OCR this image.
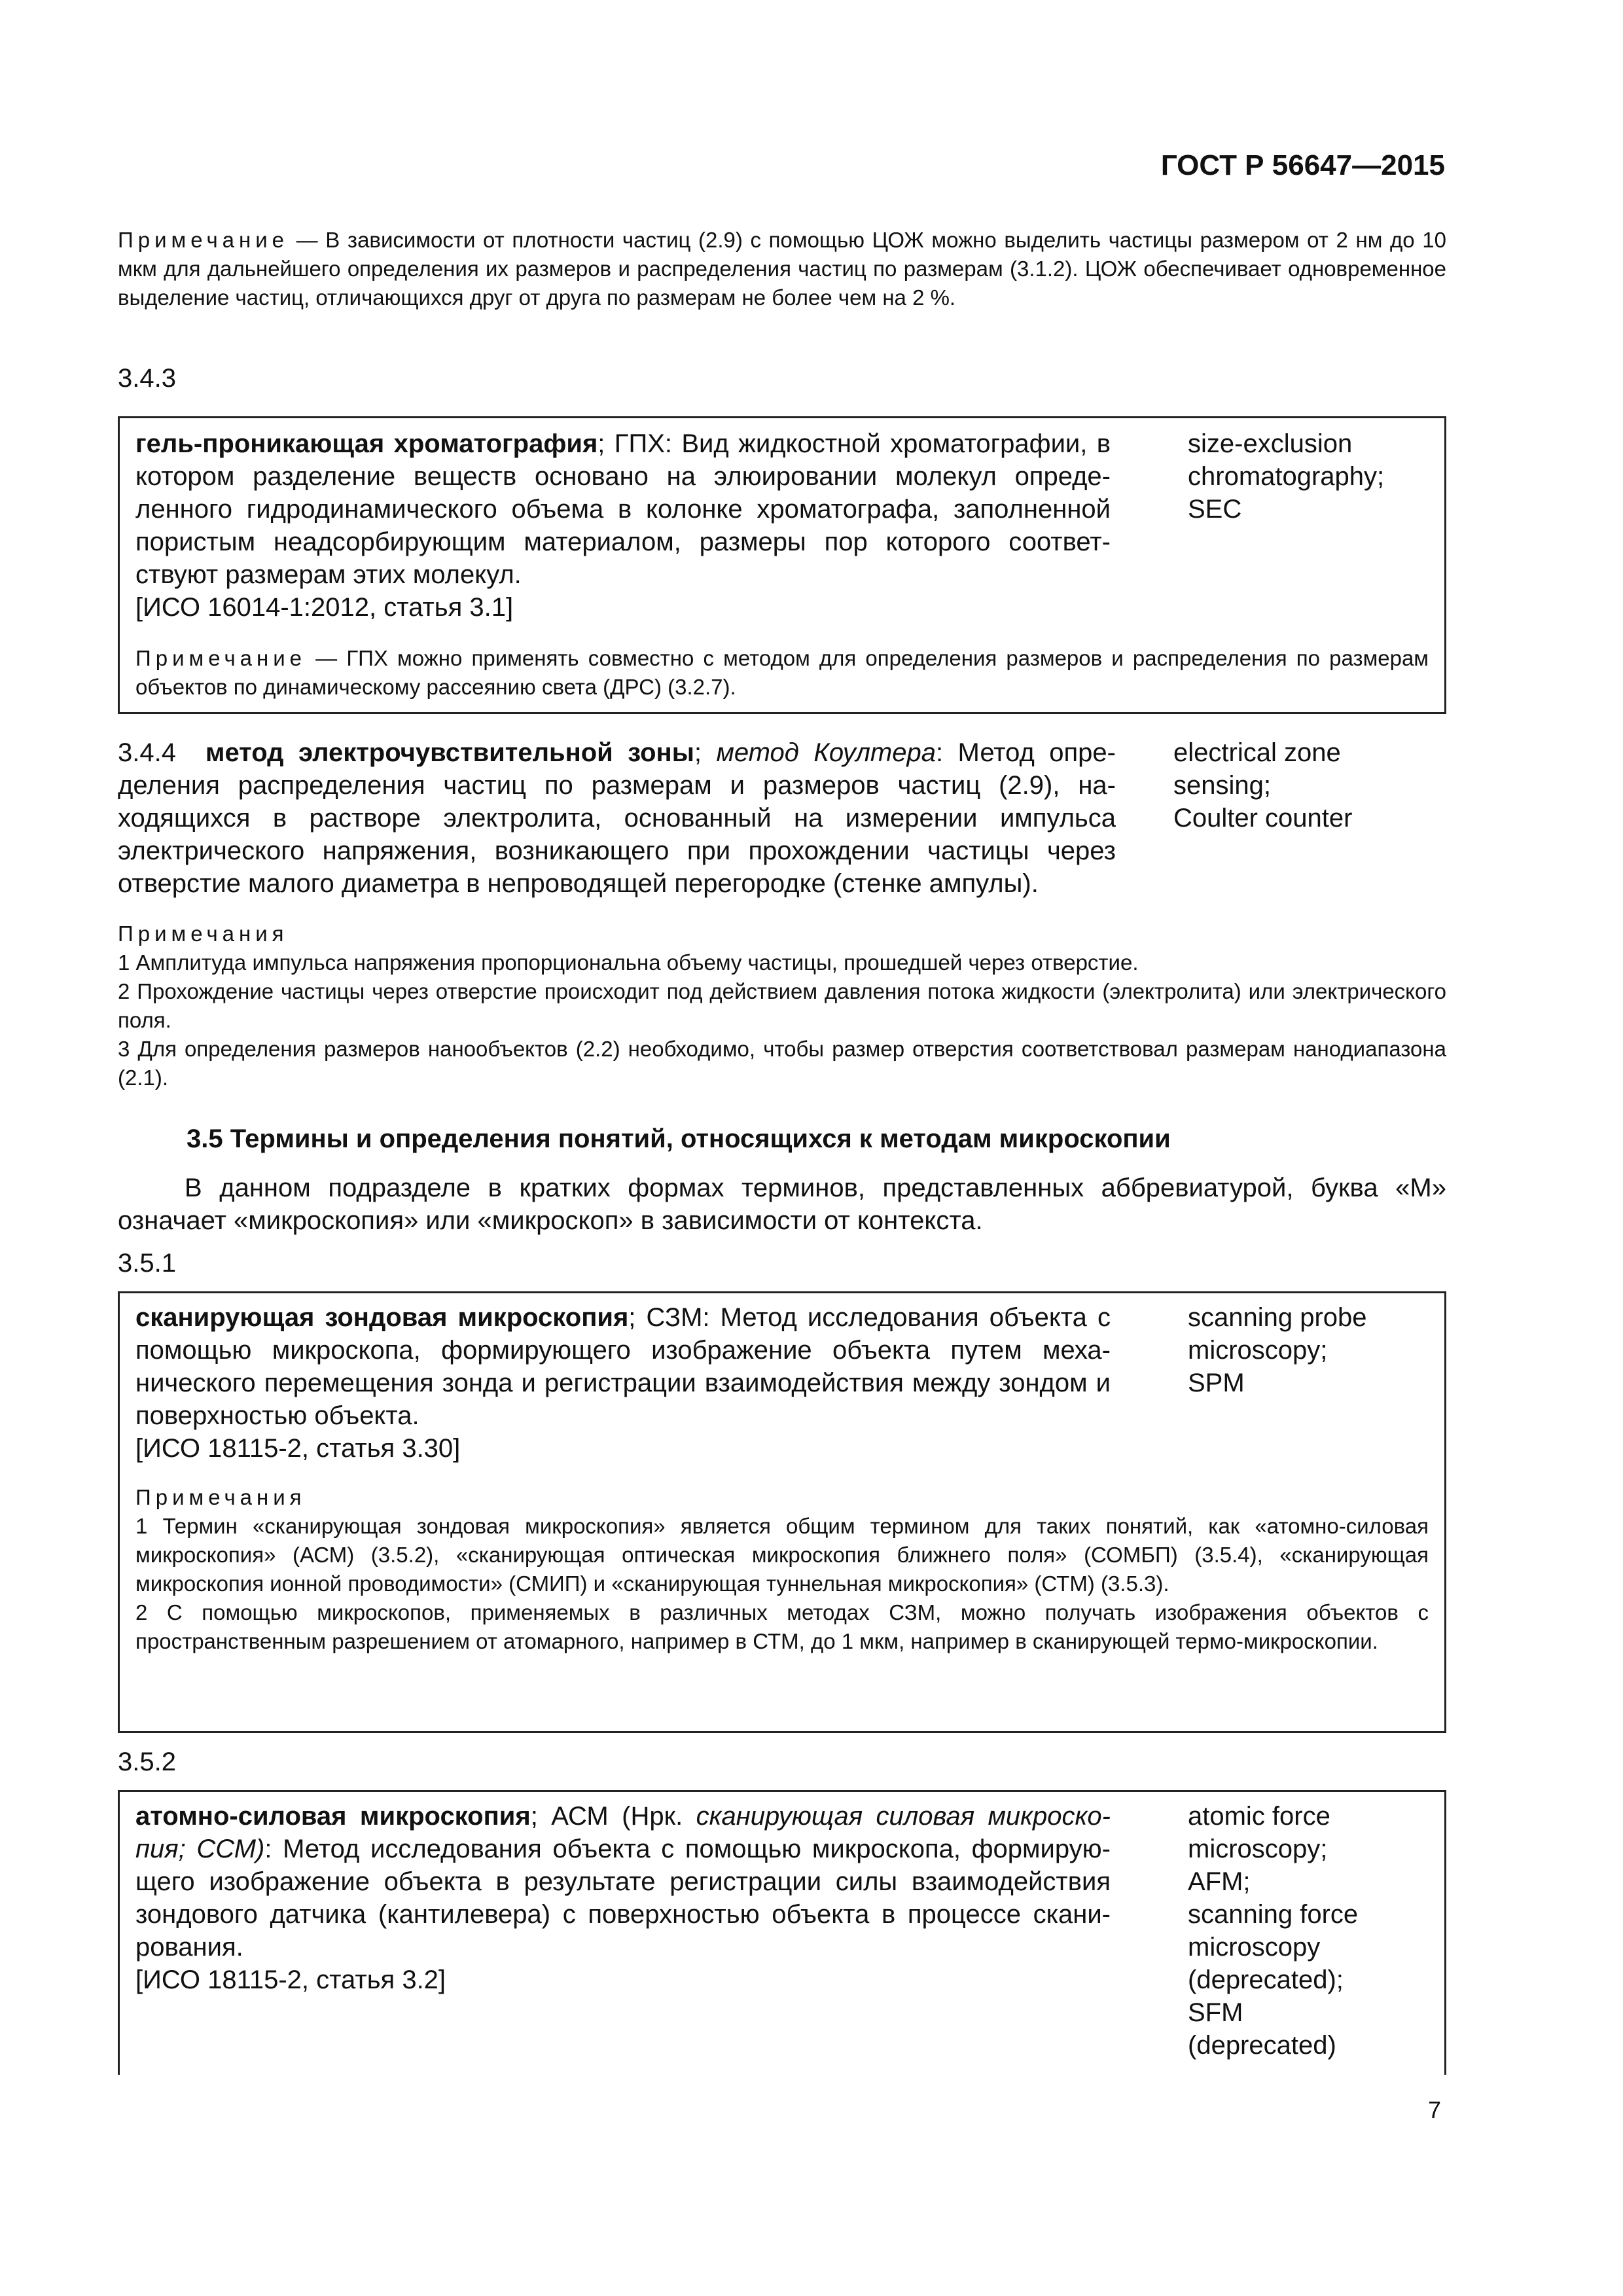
ГОСТ Р 56647—2015
Примечание — В зависимости от плотности частиц (2.9) с помощью ЦОЖ можно выделить частицы размером от 2 нм до 10 мкм для дальнейшего определения их размеров и распределения частиц по размерам (3.1.2). ЦОЖ обеспечивает одновременное выделение частиц, отличающихся друг от друга по размерам не более чем на 2 %.
3.4.3
гель-проникающая хроматография; ГПХ: Вид жидкостной хроматографии, в котором разделение веществ основано на элюировании молекул определенного гидродинамического объема в колонке хроматографа, заполненной пористым неадсорбирующим материалом, размеры пор которого соответствуют размерам этих молекул.
[ИСО 16014-1:2012, статья 3.1]
size-exclusion
chromatography;
SEC
Примечание — ГПХ можно применять совместно с методом для определения размеров и распределения по размерам объектов по динамическому рассеянию света (ДРС) (3.2.7).
3.4.4 метод электрочувствительной зоны; метод Коултера: Метод определения распределения частиц по размерам и размеров частиц (2.9), находящихся в растворе электролита, основанный на измерении импульса электрического напряжения, возникающего при прохождении частицы через отверстие малого диаметра в непроводящей перегородке (стенке ампулы).
electrical zone
sensing;
Coulter counter
Примечания
1 Амплитуда импульса напряжения пропорциональна объему частицы, прошедшей через отверстие.
2 Прохождение частицы через отверстие происходит под действием давления потока жидкости (электролита) или электрического поля.
3 Для определения размеров нанообъектов (2.2) необходимо, чтобы размер отверстия соответствовал размерам нанодиапазона (2.1).
3.5 Термины и определения понятий, относящихся к методам микроскопии
В данном подразделе в кратких формах терминов, представленных аббревиатурой, буква «М» означает «микроскопия» или «микроскоп» в зависимости от контекста.
3.5.1
сканирующая зондовая микроскопия; СЗМ: Метод исследования объекта с помощью микроскопа, формирующего изображение объекта путем механического перемещения зонда и регистрации взаимодействия между зондом и поверхностью объекта.
[ИСО 18115-2, статья 3.30]
scanning probe
microscopy;
SPM
Примечания
1 Термин «сканирующая зондовая микроскопия» является общим термином для таких понятий, как «атомно-силовая микроскопия» (АСМ) (3.5.2), «сканирующая оптическая микроскопия ближнего поля» (СОМБП) (3.5.4), «сканирующая микроскопия ионной проводимости» (СМИП) и «сканирующая туннельная микроскопия» (СТМ) (3.5.3).
2 С помощью микроскопов, применяемых в различных методах СЗМ, можно получать изображения объектов с пространственным разрешением от атомарного, например в СТМ, до 1 мкм, например в сканирующей термо-микроскопии.
3.5.2
атомно-силовая микроскопия; АСМ (Нрк. сканирующая силовая микроскопия; ССМ): Метод исследования объекта с помощью микроскопа, формирующего изображение объекта в результате регистрации силы взаимодействия зондового датчика (кантилевера) с поверхностью объекта в процессе сканирования.
[ИСО 18115-2, статья 3.2]
atomic force
microscopy;
AFM;
scanning force
microscopy
(deprecated);
SFM
(deprecated)
7
